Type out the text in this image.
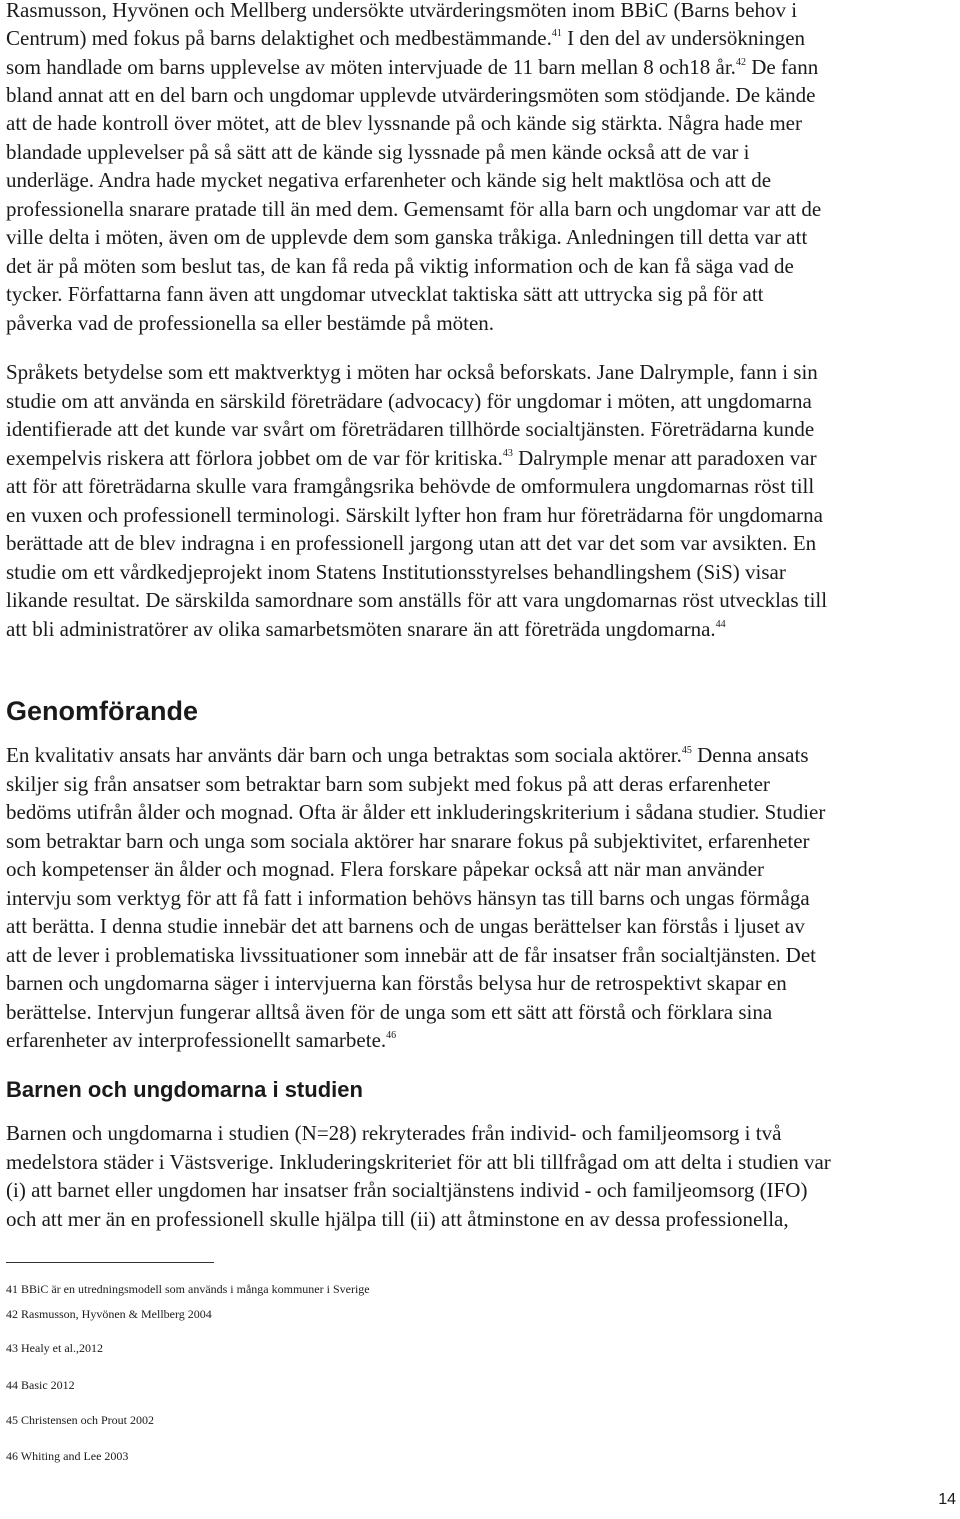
Rasmusson, Hyvönen och Mellberg undersökte utvärderingsmöten inom BBiC (Barns behov i
Centrum) med fokus på barns delaktighet och medbestämmande.$^{41}$ I den del av undersökningen
som handlade om barns upplevelse av möten intervjuade de 11 barn mellan 8 och18 år.$^{42}$ De fann
bland annat att en del barn och ungdomar upplevde utvärderingsmöten som stödjande. De kände
att de hade kontroll över mötet, att de blev lyssnande på och kände sig stärkta. Några hade mer
blandade upplevelser på så sätt att de kände sig lyssnade på men kände också att de var i
underläge. Andra hade mycket negativa erfarenheter och kände sig helt maktlösa och att de
professionella snarare pratade till än med dem. Gemensamt för alla barn och ungdomar var att de
ville delta i möten, även om de upplevde dem som ganska tråkiga. Anledningen till detta var att
det är på möten som beslut tas, de kan få reda på viktig information och de kan få säga vad de
tycker. Författarna fann även att ungdomar utvecklat taktiska sätt att uttrycka sig på för att
påverka vad de professionella sa eller bestämde på möten.
Språkets betydelse som ett maktverktyg i möten har också beforskats. Jane Dalrymple, fann i sin
studie om att använda en särskild företrädare (advocacy) för ungdomar i möten, att ungdomarna
identifierade att det kunde var svårt om företrädaren tillhörde socialtjänsten. Företrädarna kunde
exempelvis riskera att förlora jobbet om de var för kritiska.$^{43}$ Dalrymple menar att paradoxen var
att för att företrädarna skulle vara framgångsrika behövde de omformulera ungdomarnas röst till
en vuxen och professionell terminologi. Särskilt lyfter hon fram hur företrädarna för ungdomarna
berättade att de blev indragna i en professionell jargong utan att det var det som var avsikten. En
studie om ett vårdkedjeprojekt inom Statens Institutionsstyrelses behandlingshem (SiS) visar
likande resultat. De särskilda samordnare som anställs för att vara ungdomarnas röst utvecklas till
att bli administratörer av olika samarbetsmöten snarare än att företräda ungdomarna.$^{44}$
Genomförande
En kvalitativ ansats har använts där barn och unga betraktas som sociala aktörer.$^{45}$ Denna ansats
skiljer sig från ansatser som betraktar barn som subjekt med fokus på att deras erfarenheter
bedöms utifrån ålder och mognad. Ofta är ålder ett inkluderingskriterium i sådana studier. Studier
som betraktar barn och unga som sociala aktörer har snarare fokus på subjektivitet, erfarenheter
och kompetenser än ålder och mognad. Flera forskare påpekar också att när man använder
intervju som verktyg för att få fatt i information behövs hänsyn tas till barns och ungas förmåga
att berätta. I denna studie innebär det att barnens och de ungas berättelser kan förstås i ljuset av
att de lever i problematiska livssituationer som innebär att de får insatser från socialtjänsten. Det
barnen och ungdomarna säger i intervjuerna kan förstås belysa hur de retrospektivt skapar en
berättelse. Intervjun fungerar alltså även för de unga som ett sätt att förstå och förklara sina
erfarenheter av interprofessionellt samarbete.$^{46}$
Barnen och ungdomarna i studien
Barnen och ungdomarna i studien (N=28) rekryterades från individ- och familjeomsorg i två
medelstora städer i Västsverige. Inkluderingskriteriet för att bli tillfrågad om att delta i studien var
(i) att barnet eller ungdomen har insatser från socialtjänstens individ - och familjeomsorg (IFO)
och att mer än en professionell skulle hjälpa till (ii) att åtminstone en av dessa professionella,
41 BBiC är en utredningsmodell som används i många kommuner i Sverige
42 Rasmusson, Hyvönen & Mellberg 2004
43 Healy et al.,2012
44 Basic 2012
45 Christensen och Prout 2002
46 Whiting and Lee 2003
14
